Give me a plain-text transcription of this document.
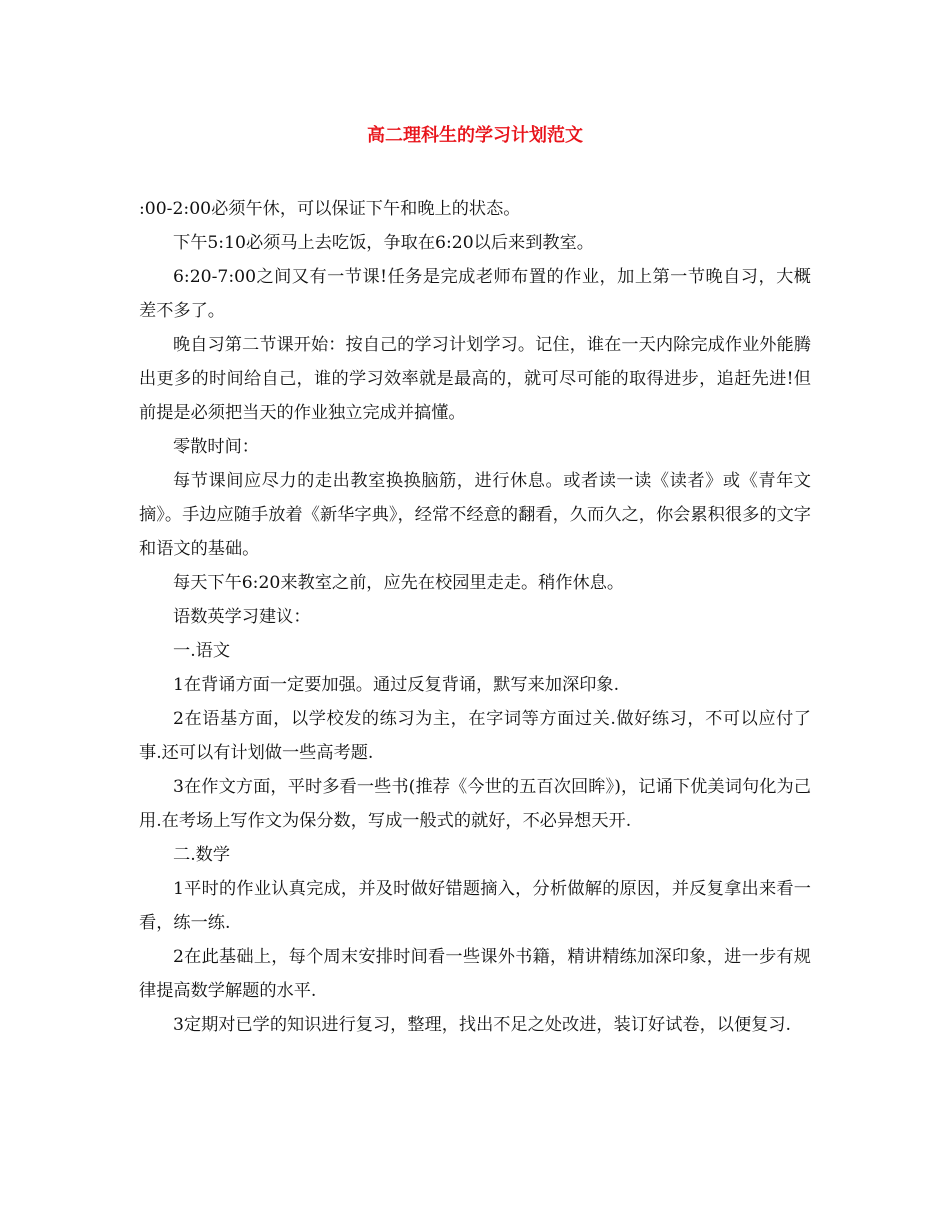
高二理科生的学习计划范文

:00-2:00必须午休，可以保证下午和晚上的状态。

下午5:10必须马上去吃饭，争取在6:20以后来到教室。

6:20-7:00之间又有一节课!任务是完成老师布置的作业，加上第一节晚自习，大概差不多了。

晚自习第二节课开始：按自己的学习计划学习。记住，谁在一天内除完成作业外能腾出更多的时间给自己，谁的学习效率就是最高的，就可尽可能的取得进步，追赶先进!但前提是必须把当天的作业独立完成并搞懂。

零散时间：

每节课间应尽力的走出教室换换脑筋，进行休息。或者读一读《读者》或《青年文摘》。手边应随手放着《新华字典》，经常不经意的翻看，久而久之，你会累积很多的文字和语文的基础。

每天下午6:20来教室之前，应先在校园里走走。稍作休息。

语数英学习建议：

一.语文

1在背诵方面一定要加强。通过反复背诵，默写来加深印象.

2在语基方面，以学校发的练习为主，在字词等方面过关.做好练习，不可以应付了事.还可以有计划做一些高考题.

3在作文方面，平时多看一些书(推荐《今世的五百次回眸》)，记诵下优美词句化为己用.在考场上写作文为保分数，写成一般式的就好，不必异想天开.

二.数学

1平时的作业认真完成，并及时做好错题摘入，分析做解的原因，并反复拿出来看一看，练一练.

2在此基础上，每个周末安排时间看一些课外书籍，精讲精练加深印象，进一步有规律提高数学解题的水平.

3定期对已学的知识进行复习，整理，找出不足之处改进，装订好试卷，以便复习.
